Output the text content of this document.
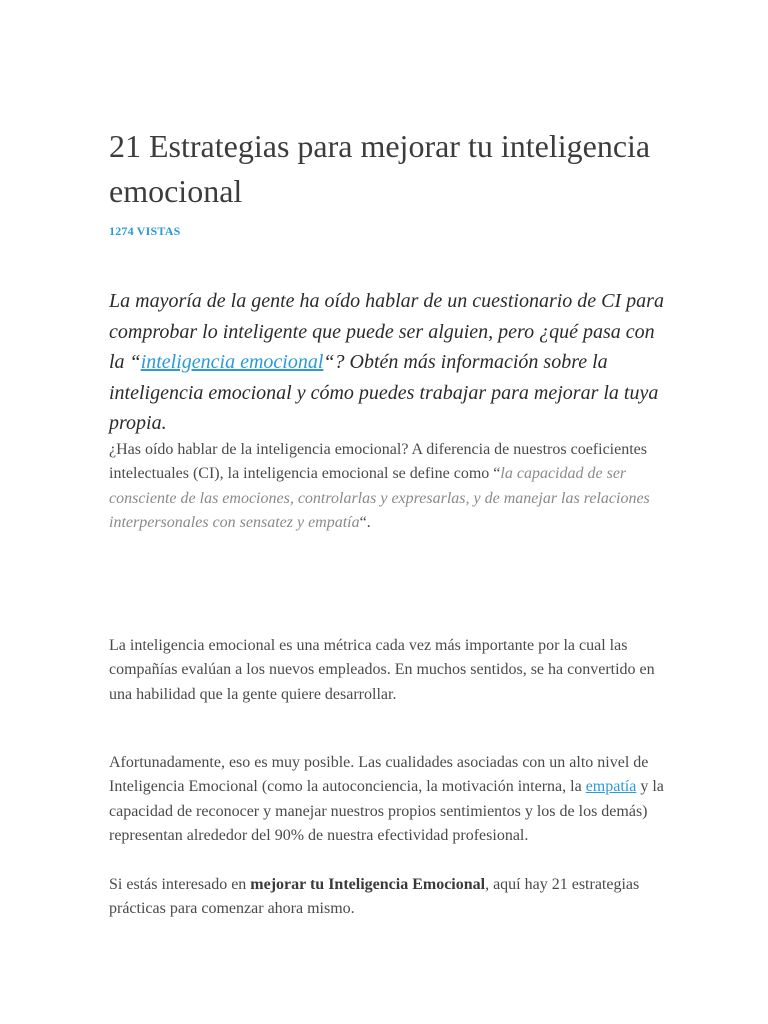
21 Estrategias para mejorar tu inteligencia emocional
1274 VISTAS

La mayoría de la gente ha oído hablar de un cuestionario de CI para comprobar lo inteligente que puede ser alguien, pero ¿qué pasa con la “inteligencia emocional“? Obtén más información sobre la inteligencia emocional y cómo puedes trabajar para mejorar la tuya propia.

¿Has oído hablar de la inteligencia emocional? A diferencia de nuestros coeficientes intelectuales (CI), la inteligencia emocional se define como “la capacidad de ser consciente de las emociones, controlarlas y expresarlas, y de manejar las relaciones interpersonales con sensatez y empatía“.

La inteligencia emocional es una métrica cada vez más importante por la cual las compañías evalúan a los nuevos empleados. En muchos sentidos, se ha convertido en una habilidad que la gente quiere desarrollar.

Afortunadamente, eso es muy posible. Las cualidades asociadas con un alto nivel de Inteligencia Emocional (como la autoconciencia, la motivación interna, la empatía y la capacidad de reconocer y manejar nuestros propios sentimientos y los de los demás) representan alrededor del 90% de nuestra efectividad profesional.

Si estás interesado en mejorar tu Inteligencia Emocional, aquí hay 21 estrategias prácticas para comenzar ahora mismo.
